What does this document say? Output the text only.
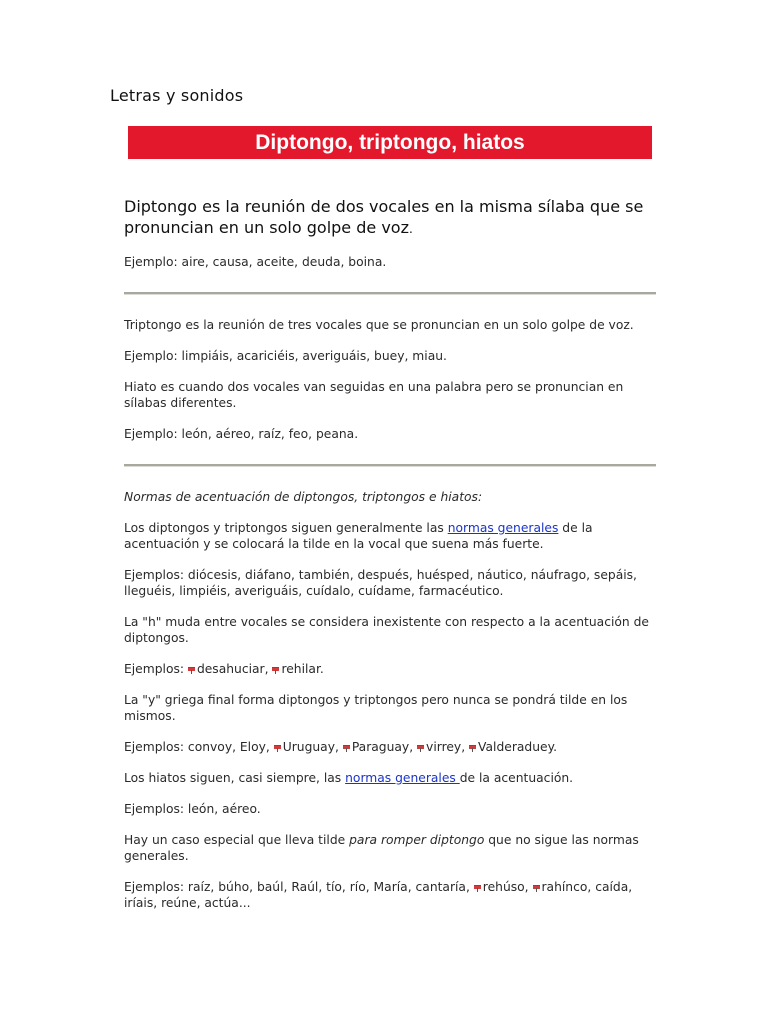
Letras y sonidos
Diptongo, triptongo, hiatos

Diptongo es la reunión de dos vocales en la misma sílaba que se pronuncian en un solo golpe de voz.

Ejemplo: aire, causa, aceite, deuda, boina.

Triptongo es la reunión de tres vocales que se pronuncian en un solo golpe de voz.

Ejemplo: limpiáis, acariciéis, averiguáis, buey, miau.

Hiato es cuando dos vocales van seguidas en una palabra pero se pronuncian en sílabas diferentes.

Ejemplo: león, aéreo, raíz, feo, peana.

Normas de acentuación de diptongos, triptongos e hiatos:

Los diptongos y triptongos siguen generalmente las normas generales de la acentuación y se colocará la tilde en la vocal que suena más fuerte.

Ejemplos: diócesis, diáfano, también, después, huésped, náutico, náufrago, sepáis, lleguéis, limpiéis, averiguáis, cuídalo, cuídame, farmacéutico.

La "h" muda entre vocales se considera inexistente con respecto a la acentuación de diptongos.

Ejemplos: desahuciar, rehilar.

La "y" griega final forma diptongos y triptongos pero nunca se pondrá tilde en los mismos.

Ejemplos: convoy, Eloy, Uruguay, Paraguay, virrey, Valderaduey.

Los hiatos siguen, casi siempre, las normas generales de la acentuación.

Ejemplos: león, aéreo.

Hay un caso especial que lleva tilde para romper diptongo que no sigue las normas generales.

Ejemplos: raíz, búho, baúl, Raúl, tío, río, María, cantaría, rehúso, rahínco, caída, iríais, reúne, actúa...
